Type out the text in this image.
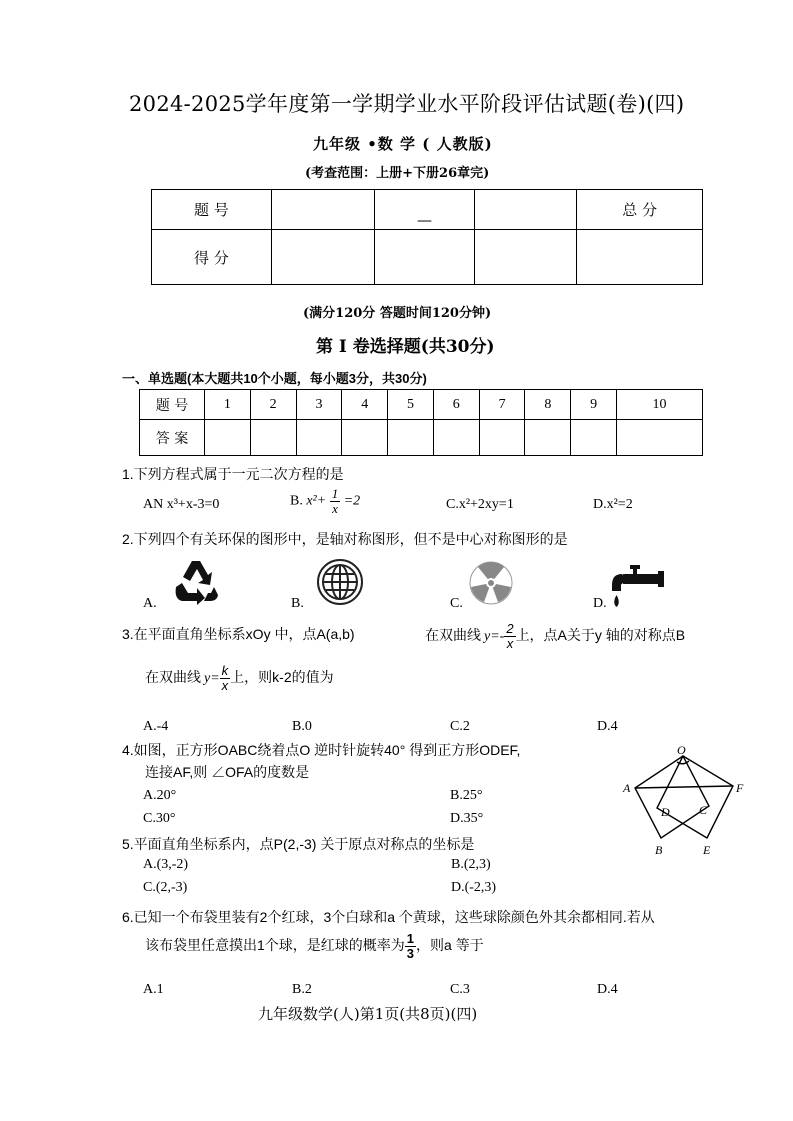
2024-2025学年度第一学期学业水平阶段评估试题(卷)(四)
九年级 •数 学 ( 人教版)
(考查范围：上册+下册26章完)
题 号		—		总 分
得 分				
(满分120分 答题时间120分钟)
第 I 卷选择题(共30分)
一、单选题(本大题共10个小题，每小题3分，共30分)
题 号	1	2	3	4	5	6	7	8	9	10
答 案										
1.下列方程式属于一元二次方程的是
AN x³+x-3=0	B. $x^2+ \frac{1}{x} =2$	C.x²+2xy=1	D.x²=2
2.下列四个有关环保的图形中，是轴对称图形，但不是中心对称图形的是
A.	B.	C.	D.
3.在平面直角坐标系xOy 中，点A(a,b)	在双曲线 $y=- \frac{2}{x}$ 上，点A关于y 轴的对称点B
在双曲线 $y= \frac{k}{x}$ 上，则k-2的值为
A.-4	B.0	C.2	D.4
4.如图，正方形OABC绕着点O 逆时针旋转40° 得到正方形ODEF,
连接AF,则 ∠OFA的度数是
A.20°	B.25°
C.30°	D.35°
O
A	F
D C
B	E
5.平面直角坐标系内，点P(2,-3) 关于原点对称点的坐标是
A.(3,-2)	B.(2,3)
C.(2,-3)	D.(-2,3)
6.已知一个布袋里装有2个红球，3个白球和a 个黄球，这些球除颜色外其余都相同.若从
该布袋里任意摸出1个球，是红球的概率为 $\frac{1}{3}$ ，则a 等于
A.1	B.2	C.3	D.4
九年级数学(人)第1页(共8页)(四)
